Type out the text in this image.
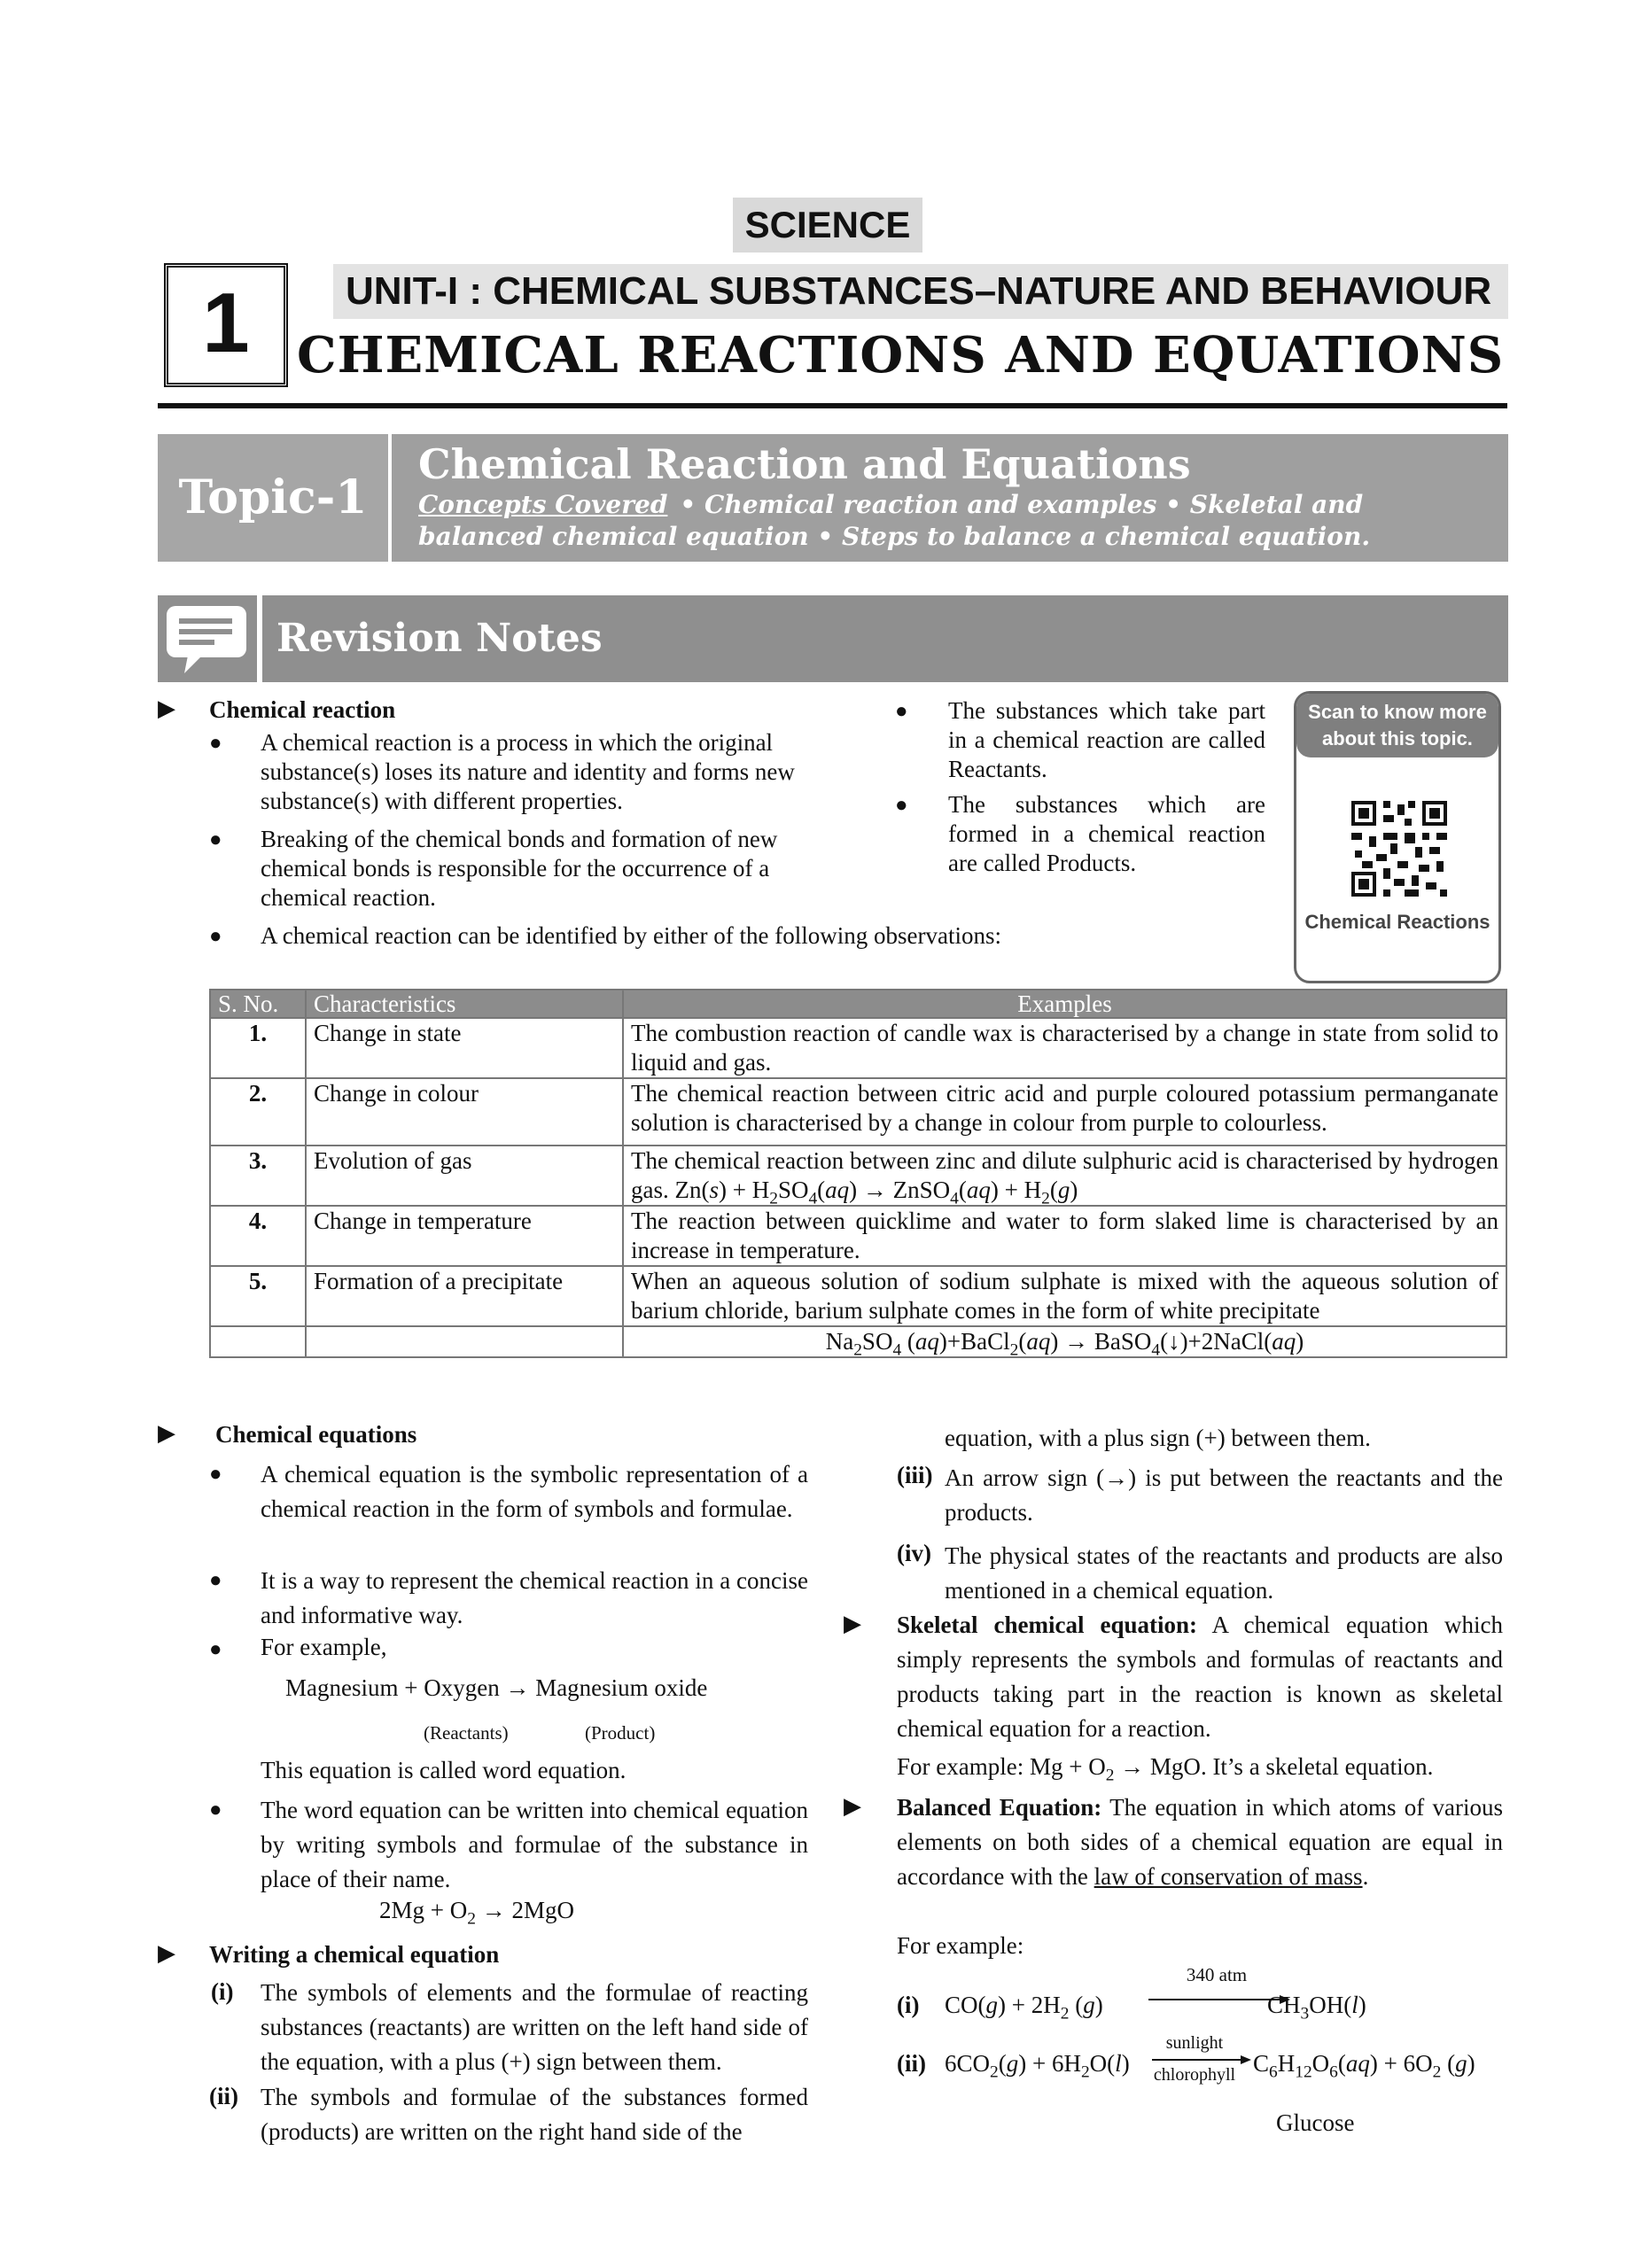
SCIENCE
1	UNIT-I : CHEMICAL SUBSTANCES–NATURE AND BEHAVIOUR
CHEMICAL REACTIONS AND EQUATIONS
Topic-1
Chemical Reaction and Equations
Concepts Covered • Chemical reaction and examples • Skeletal and balanced chemical equation • Steps to balance a chemical equation.
Revision Notes
Scan to know more about this topic.
Chemical Reactions
▶ Chemical reaction
● A chemical reaction is a process in which the original substance(s) loses its nature and identity and forms new substance(s) with different properties.
● Breaking of the chemical bonds and formation of new chemical bonds is responsible for the occurrence of a chemical reaction.
● A chemical reaction can be identified by either of the following observations:
● The substances which take part in a chemical reaction are called Reactants.
● The substances which are formed in a chemical reaction are called Products.
S. No.	Characteristics	Examples
1.	Change in state	The combustion reaction of candle wax is characterised by a change in state from solid to liquid and gas.
2.	Change in colour	The chemical reaction between citric acid and purple coloured potassium permanganate solution is characterised by a change in colour from purple to colourless.
3.	Evolution of gas	The chemical reaction between zinc and dilute sulphuric acid is characterised by hydrogen gas. $Zn(s) + H_2SO_4(aq)$ → ZnSO$_4$(aq) + $H_2(g)$
4.	Change in temperature	The reaction between quicklime and water to form slaked lime is characterised by an increase in temperature.
5.	Formation of a precipitate	When an aqueous solution of sodium sulphate is mixed with the aqueous solution of barium chloride, barium sulphate comes in the form of white precipitate
		$Na_2SO_4$ (aq)+BaCl$_2$(aq) → BaSO$_4$(↓)+2NaCl(aq)
▶ Chemical equations
● A chemical equation is the symbolic representation of a chemical reaction in the form of symbols and formulae.
● It is a way to represent the chemical reaction in a concise and informative way.
● For example,
Magnesium + Oxygen → Magnesium oxide
(Reactants)	(Product)
This equation is called word equation.
● The word equation can be written into chemical equation by writing symbols and formulae of the substance in place of their name.
$2Mg + O_2 \to 2MgO$
▶ Writing a chemical equation
(i) The symbols of elements and the formulae of reacting substances (reactants) are written on the left hand side of the equation, with a plus (+) sign between them.
(ii) The symbols and formulae of the substances formed (products) are written on the right hand side of the
equation, with a plus sign (+) between them.
(iii) An arrow sign (→) is put between the reactants and the products.
(iv) The physical states of the reactants and products are also mentioned in a chemical equation.
▶ Skeletal chemical equation: A chemical equation which simply represents the symbols and formulas of reactants and products taking part in the reaction is known as skeletal chemical equation for a reaction.
For example: $Mg + O_2$ → MgO. It’s a skeletal equation.
▶ Balanced Equation: The equation in which atoms of various elements on both sides of a chemical equation are equal in accordance with the law of conservation of mass.
For example:
(i) $CO(g) + 2H_2$ (g)
340 atm
$CH_3OH(l)$
(ii) $6CO_2(g) + 6H_2O(l)$
sunlight
chlorophyll $C_6H_{12}O_6(aq) + 6O_2$ (g)
Glucose
